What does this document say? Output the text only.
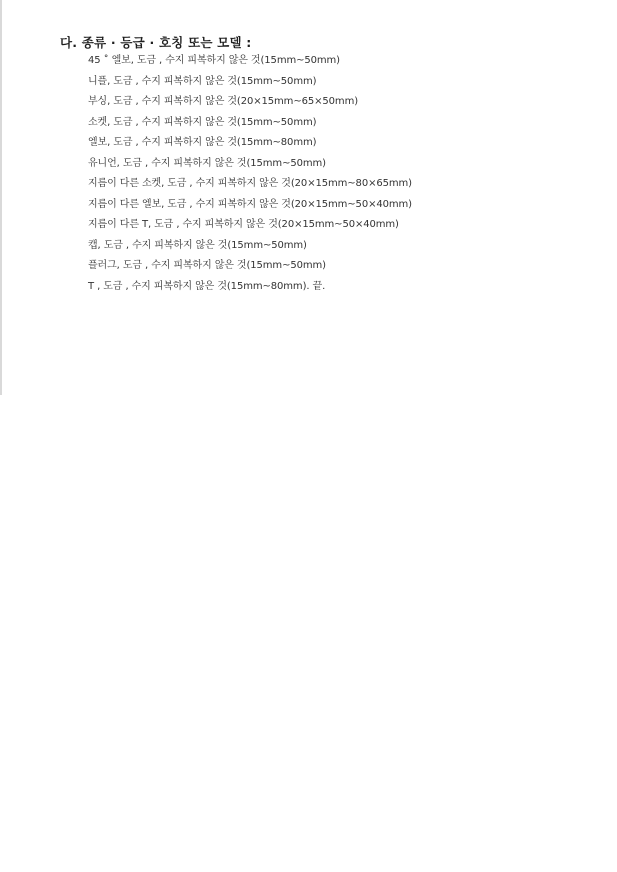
다. 종류 · 등급 · 호칭 또는 모델 :
45 ˚ 엘보, 도금 , 수지 피복하지 않은 것(15mm~50mm)
니플, 도금 , 수지 피복하지 않은 것(15mm~50mm)
부싱, 도금 , 수지 피복하지 않은 것(20×15mm~65×50mm)
소켓, 도금 , 수지 피복하지 않은 것(15mm~50mm)
엘보, 도금 , 수지 피복하지 않은 것(15mm~80mm)
유니언, 도금 , 수지 피복하지 않은 것(15mm~50mm)
지름이 다른 소켓, 도금 , 수지 피복하지 않은 것(20×15mm~80×65mm)
지름이 다른 엘보, 도금 , 수지 피복하지 않은 것(20×15mm~50×40mm)
지름이 다른 T, 도금 , 수지 피복하지 않은 것(20×15mm~50×40mm)
캡, 도금 , 수지 피복하지 않은 것(15mm~50mm)
플러그, 도금 , 수지 피복하지 않은 것(15mm~50mm)
T , 도금 , 수지 피복하지 않은 것(15mm~80mm). 끝.
